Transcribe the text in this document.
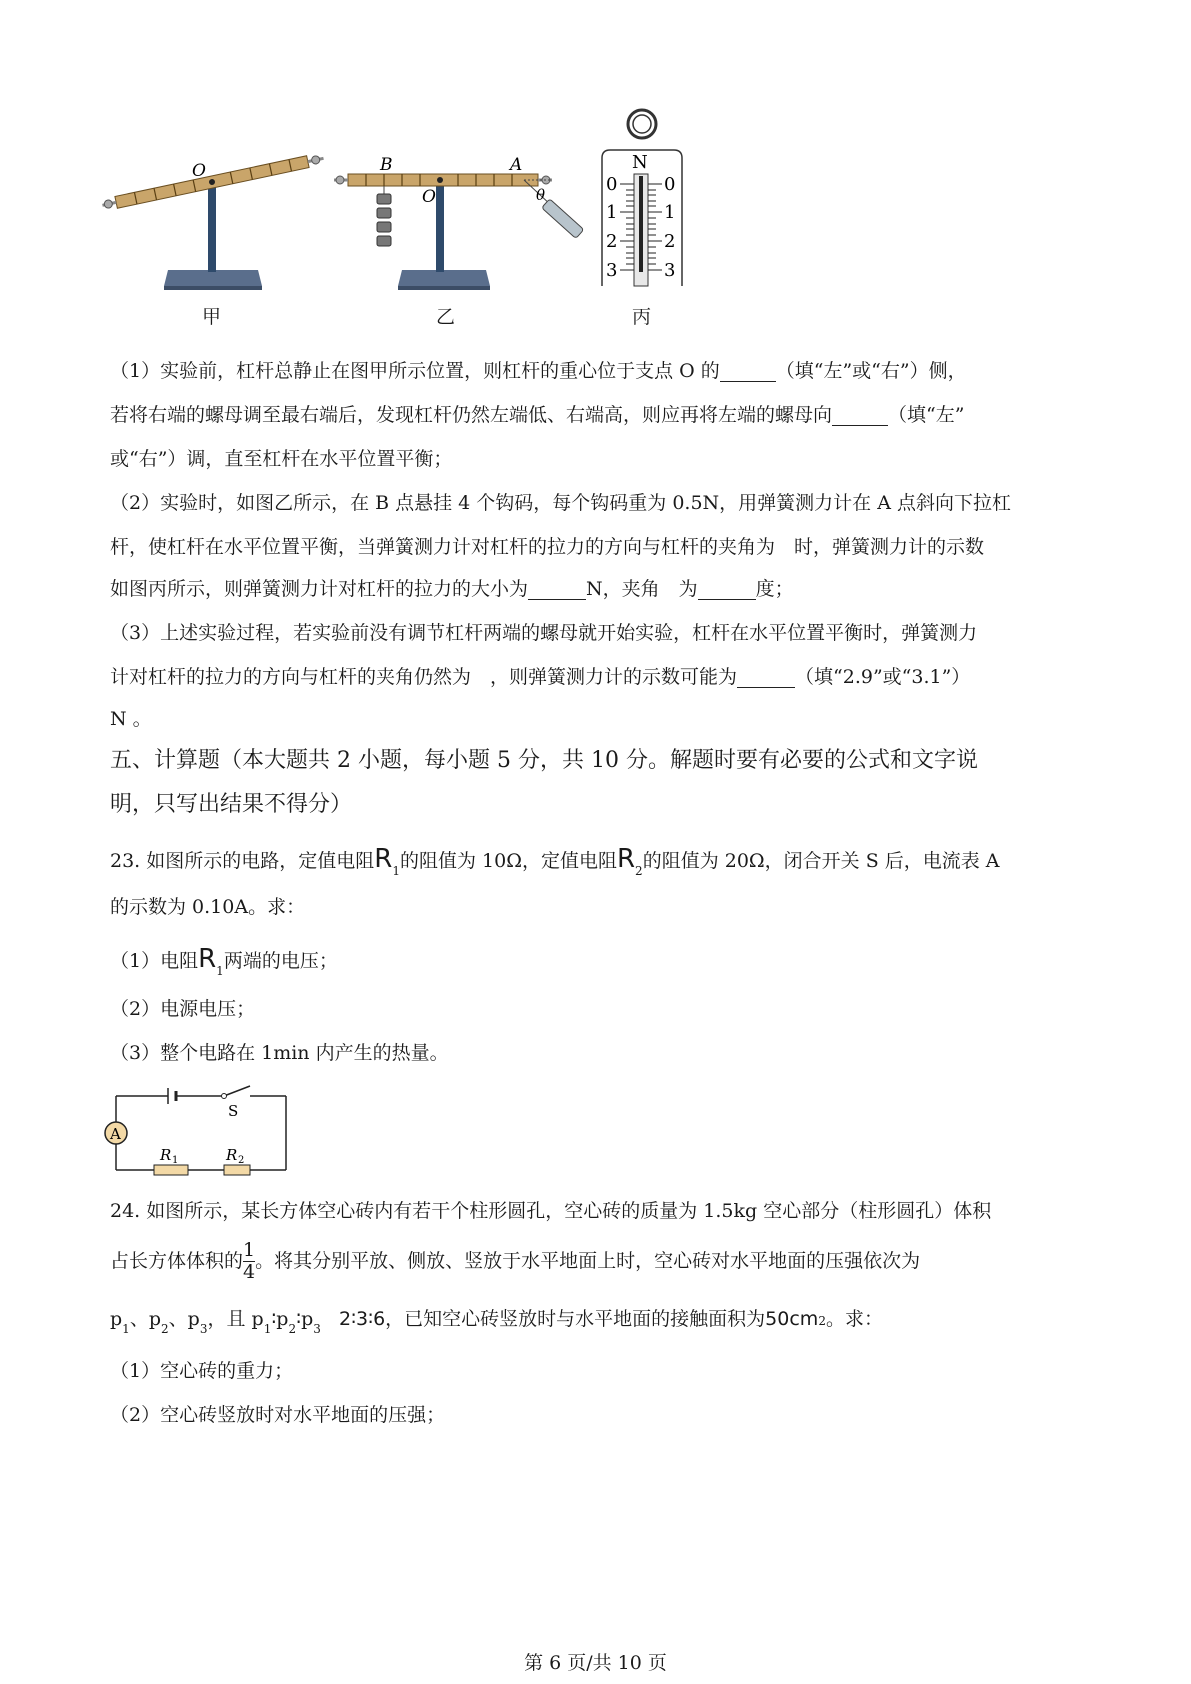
O
甲
B	A
O	θ
乙
N
0
1
2
3
0
1
2
3
丙
（1）实验前，杠杆总静止在图甲所示位置，则杠杆的重心位于支点 O 的	（填“左”或“右”）侧，
若将右端的螺母调至最右端后，发现杠杆仍然左端低、右端高，则应再将左端的螺母向	（填“左”
或“右”）调，直至杠杆在水平位置平衡；
（2）实验时，如图乙所示，在 B 点悬挂 4 个钩码，每个钩码重为 0.5N，用弹簧测力计在 A 点斜向下拉杠
杆，使杠杆在水平位置平衡，当弹簧测力计对杠杆的拉力的方向与杠杆的夹角为　时，弹簧测力计的示数
如图丙所示，则弹簧测力计对杠杆的拉力的大小为	N，夹角　为	度；
（3）上述实验过程，若实验前没有调节杠杆两端的螺母就开始实验，杠杆在水平位置平衡时，弹簧测力
计对杠杆的拉力的方向与杠杆的夹角仍然为　，则弹簧测力计的示数可能为	（填“2.9”或“3.1”）
N 。
五、计算题（本大题共 2 小题，每小题 5 分，共 10 分。解题时要有必要的公式和文字说
明，只写出结果不得分）
23. 如图所示的电路，定值电阻$R_1$的阻值为 10Ω，定值电阻$R_2$的阻值为 20Ω，闭合开关 S 后，电流表 A
的示数为 0.10A。求：
（1）电阻$R_1$两端的电压；
（2）电源电压；
（3）整个电路在 1min 内产生的热量。
A
S
R 1	R 2
24. 如图所示，某长方体空心砖内有若干个柱形圆孔，空心砖的质量为 1.5kg 空心部分（柱形圆孔）体积
占长方体体积的$\frac{1}{4}$ 。将其分别平放、侧放、竖放于水平地面上时，空心砖对水平地面的压强依次为
$p_1$、$p_2$、$p_3$，且 $p_1∶p_2∶p_3$ 2∶3∶6，已知空心砖竖放时与水平地面的接触面积为50cm2。求：
（1）空心砖的重力；
（2）空心砖竖放时对水平地面的压强；
第 6 页/共 10 页
